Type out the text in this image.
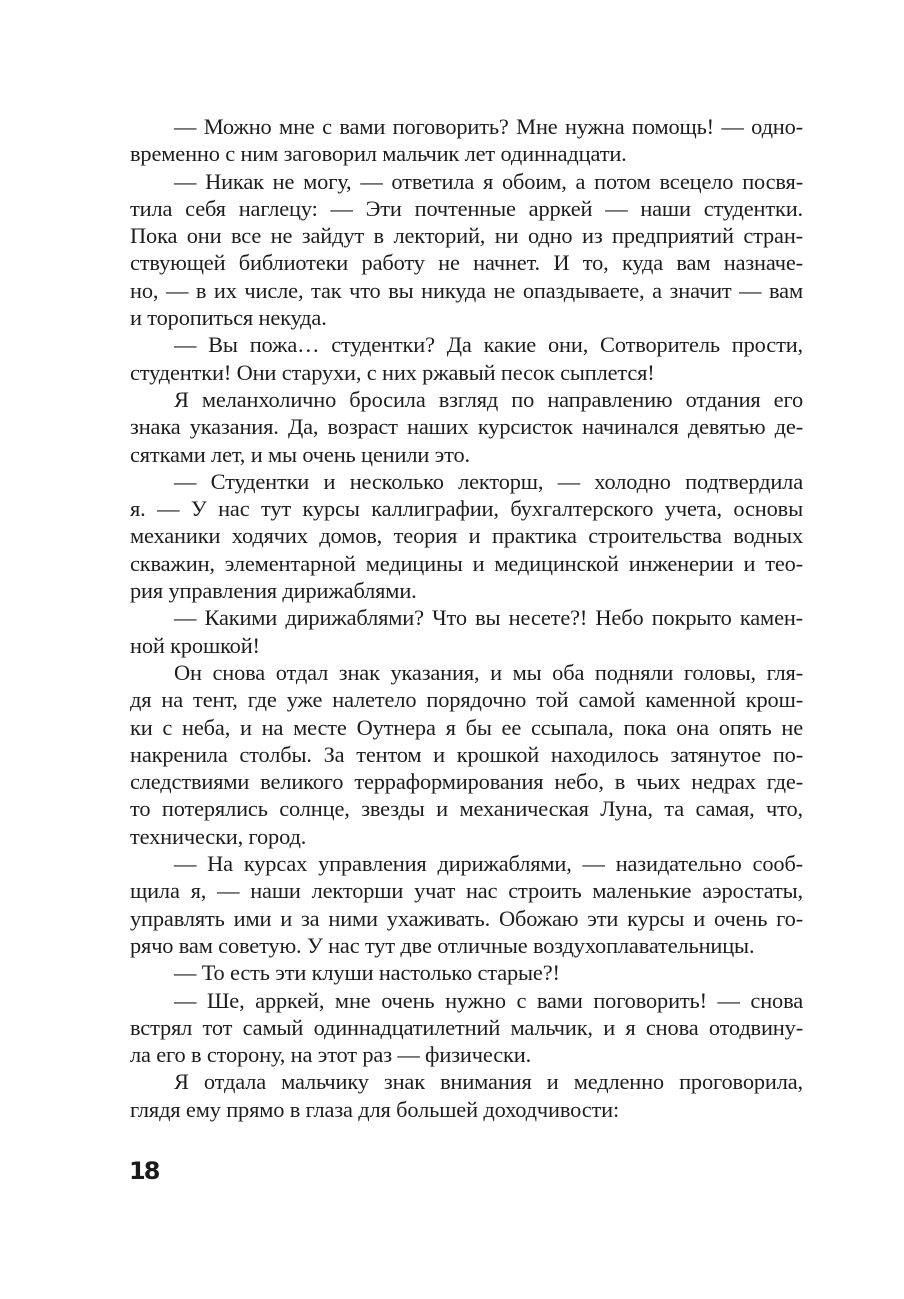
— Можно мне с вами поговорить? Мне нужна помощь! — одно-
временно с ним заговорил мальчик лет одиннадцати.
— Никак не могу, — ответила я обоим, а потом всецело посвя-
тила себя наглецу: — Эти почтенные арркей — наши студентки.
Пока они все не зайдут в лекторий, ни одно из предприятий стран-
ствующей библиотеки работу не начнет. И то, куда вам назначе-
но, — в их числе, так что вы никуда не опаздываете, а значит — вам
и торопиться некуда.
— Вы пожа… студентки? Да какие они, Сотворитель прости,
студентки! Они старухи, с них ржавый песок сыплется!
Я меланхолично бросила взгляд по направлению отдания его
знака указания. Да, возраст наших курсисток начинался девятью де-
сятками лет, и мы очень ценили это.
— Студентки и несколько лекторш, — холодно подтвердила
я. — У нас тут курсы каллиграфии, бухгалтерского учета, основы
механики ходячих домов, теория и практика строительства водных
скважин, элементарной медицины и медицинской инженерии и тео-
рия управления дирижаблями.
— Какими дирижаблями? Что вы несете?! Небо покрыто камен-
ной крошкой!
Он снова отдал знак указания, и мы оба подняли головы, гля-
дя на тент, где уже налетело порядочно той самой каменной крош-
ки с неба, и на месте Оутнера я бы ее ссыпала, пока она опять не
накренила столбы. За тентом и крошкой находилось затянутое по-
следствиями великого терраформирования небо, в чьих недрах где-
то потерялись солнце, звезды и механическая Луна, та самая, что,
технически, город.
— На курсах управления дирижаблями, — назидательно сооб-
щила я, — наши лекторши учат нас строить маленькие аэростаты,
управлять ими и за ними ухаживать. Обожаю эти курсы и очень го-
рячо вам советую. У нас тут две отличные воздухоплавательницы.
— То есть эти клуши настолько старые?!
— Ше, арркей, мне очень нужно с вами поговорить! — снова
встрял тот самый одиннадцатилетний мальчик, и я снова отодвину-
ла его в сторону, на этот раз — физически.
Я отдала мальчику знак внимания и медленно проговорила,
глядя ему прямо в глаза для большей доходчивости:
18
